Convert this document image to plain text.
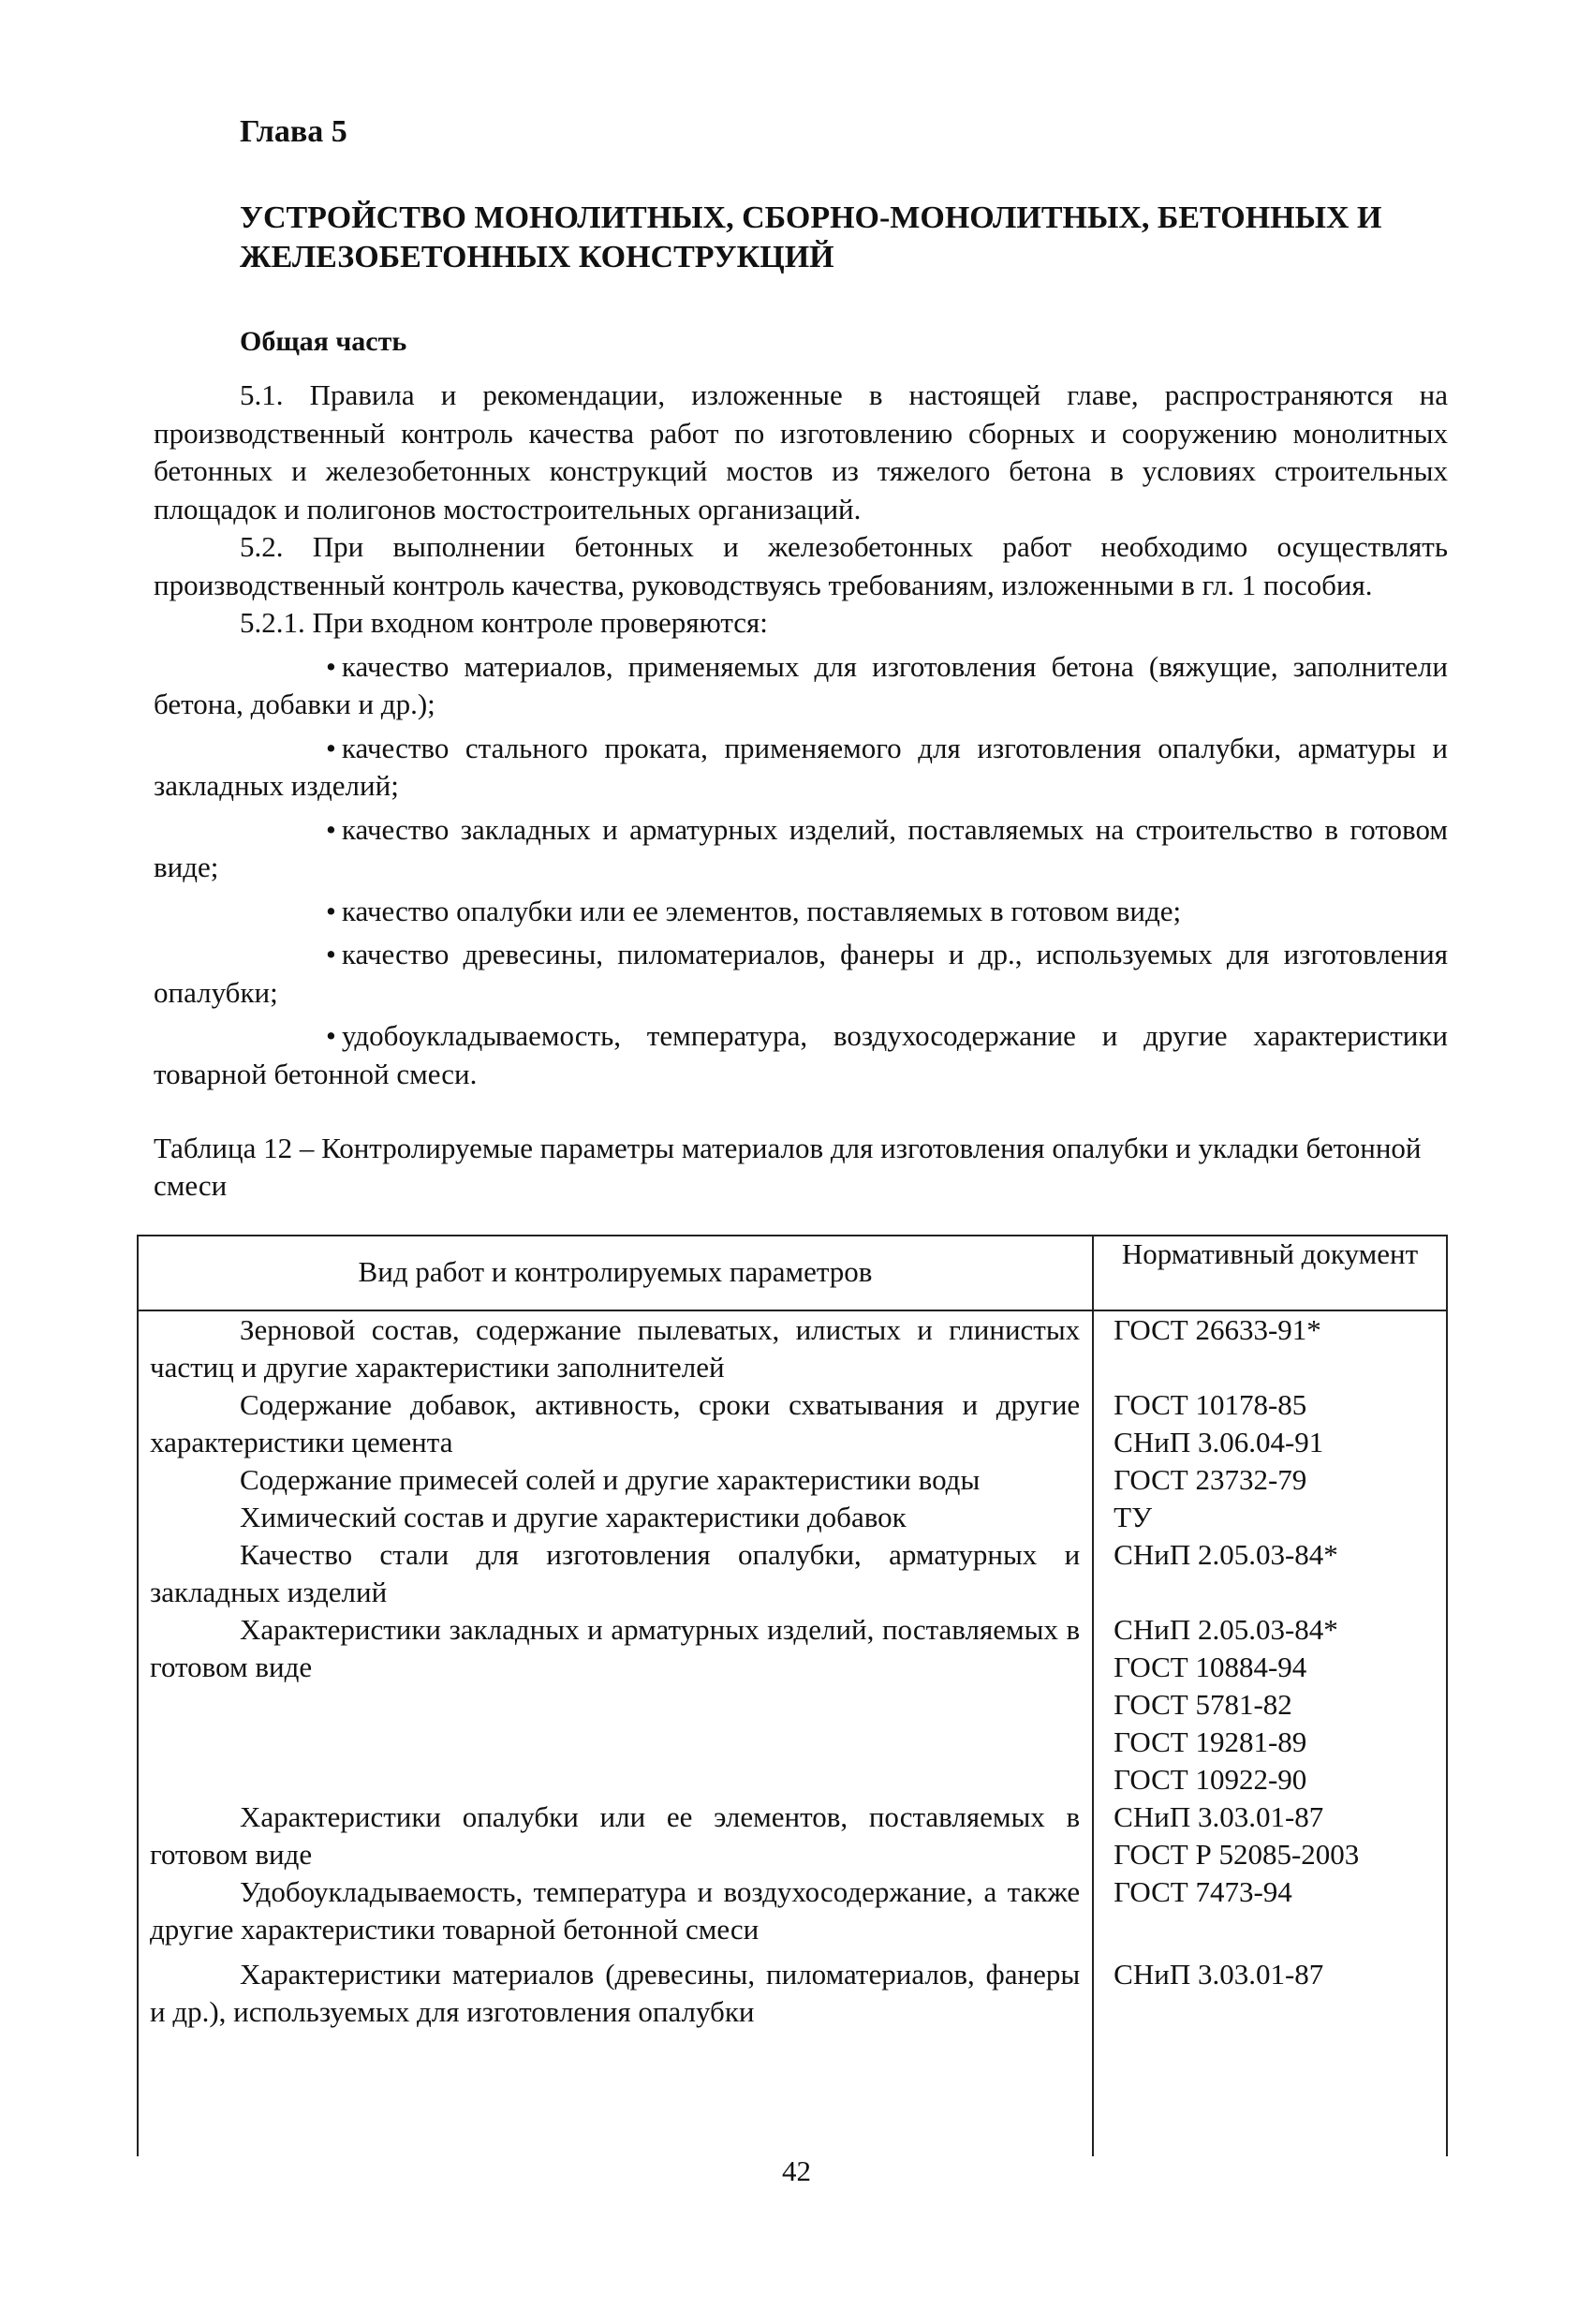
Глава 5
УСТРОЙСТВО МОНОЛИТНЫХ, СБОРНО-МОНОЛИТНЫХ, БЕТОННЫХ И ЖЕЛЕЗОБЕТОННЫХ КОНСТРУКЦИЙ
Общая часть

5.1. Правила и рекомендации, изложенные в настоящей главе, распространяются на производственный контроль качества работ по изготовлению сборных и сооружению монолитных бетонных и железобетонных конструкций мостов из тяжелого бетона в условиях строительных площадок и полигонов мостостроительных организаций.

5.2. При выполнении бетонных и железобетонных работ необходимо осуществлять производственный контроль качества, руководствуясь требованиям, изложенными в гл. 1 пособия.

5.2.1. При входном контроле проверяются:

• качество материалов, применяемых для изготовления бетона (вяжущие, заполнители бетона, добавки и др.);

• качество стального проката, применяемого для изготовления опалубки, арматуры и закладных изделий;

• качество закладных и арматурных изделий, поставляемых на строительство в готовом виде;

• качество опалубки или ее элементов, поставляемых в готовом виде;

• качество древесины, пиломатериалов, фанеры и др., используемых для изготовления опалубки;

• удобоукладываемость, температура, воздухосодержание и другие характеристики товарной бетонной смеси.

Таблица 12 – Контролируемые параметры материалов для изготовления опалубки и укладки бетонной смеси

Вид работ и контролируемых параметров
Нормативный документ
Зерновой состав, содержание пылеватых, илистых и глинистых частиц и другие характеристики заполнителей
ГОСТ 26633-91*
Содержание добавок, активность, сроки схватывания и другие характеристики цемента
ГОСТ 10178-85
СНиП 3.06.04-91
Содержание примесей солей и другие характеристики воды	ГОСТ 23732-79
Химический состав и другие характеристики добавок	ТУ
Качество стали для изготовления опалубки, арматурных и закладных изделий
СНиП 2.05.03-84*
Характеристики закладных и арматурных изделий, поставляемых в готовом виде
СНиП 2.05.03-84*
ГОСТ 10884-94
ГОСТ 5781-82
ГОСТ 19281-89
ГОСТ 10922-90
Характеристики опалубки или ее элементов, поставляемых в готовом виде
СНиП 3.03.01-87
ГОСТ Р 52085-2003
Удобоукладываемость, температура и воздухосодержание, а также другие характеристики товарной бетонной смеси
ГОСТ 7473-94
Характеристики материалов (древесины, пиломатериалов, фанеры и др.), используемых для изготовления опалубки
СНиП 3.03.01-87
42
